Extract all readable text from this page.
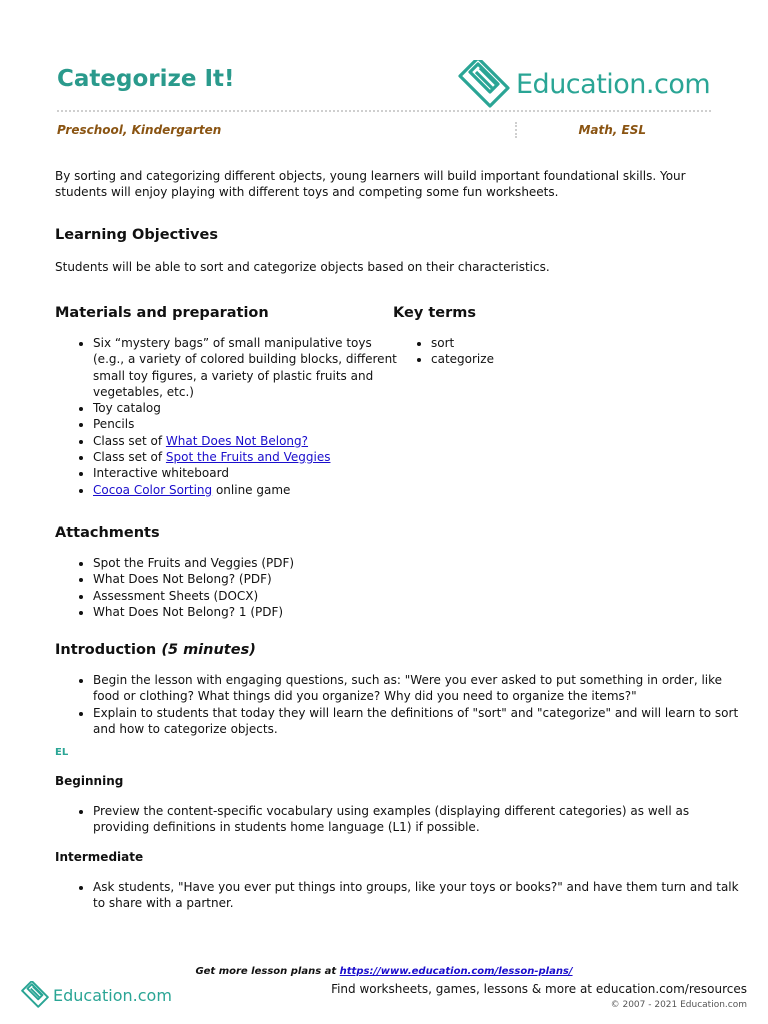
Categorize It!	Education.com
Preschool, Kindergarten	Math, ESL

By sorting and categorizing different objects, young learners will build important foundational skills. Your students will enjoy playing with different toys and competing some fun worksheets.

Learning Objectives

Students will be able to sort and categorize objects based on their characteristics.

Materials and preparation
• Six “mystery bags” of small manipulative toys (e.g., a variety of colored building blocks, different small toy figures, a variety of plastic fruits and vegetables, etc.)
• Toy catalog
• Pencils
• Class set of What Does Not Belong?
• Class set of Spot the Fruits and Veggies
• Interactive whiteboard
• Cocoa Color Sorting online game
Key terms
• sort
• categorize
Attachments
• Spot the Fruits and Veggies (PDF)
• What Does Not Belong? (PDF)
• Assessment Sheets (DOCX)
• What Does Not Belong? 1 (PDF)
Introduction (5 minutes)
• Begin the lesson with engaging questions, such as: "Were you ever asked to put something in order, like food or clothing? What things did you organize? Why did you need to organize the items?"
• Explain to students that today they will learn the definitions of "sort" and "categorize" and will learn to sort and how to categorize objects.
EL
Beginning
• Preview the content-specific vocabulary using examples (displaying different categories) as well as providing definitions in students home language (L1) if possible.
Intermediate
• Ask students, "Have you ever put things into groups, like your toys or books?" and have them turn and talk to share with a partner.
Get more lesson plans at https://www.education.com/lesson-plans/
Education.com	Find worksheets, games, lessons & more at education.com/resources
© 2007 - 2021 Education.com
